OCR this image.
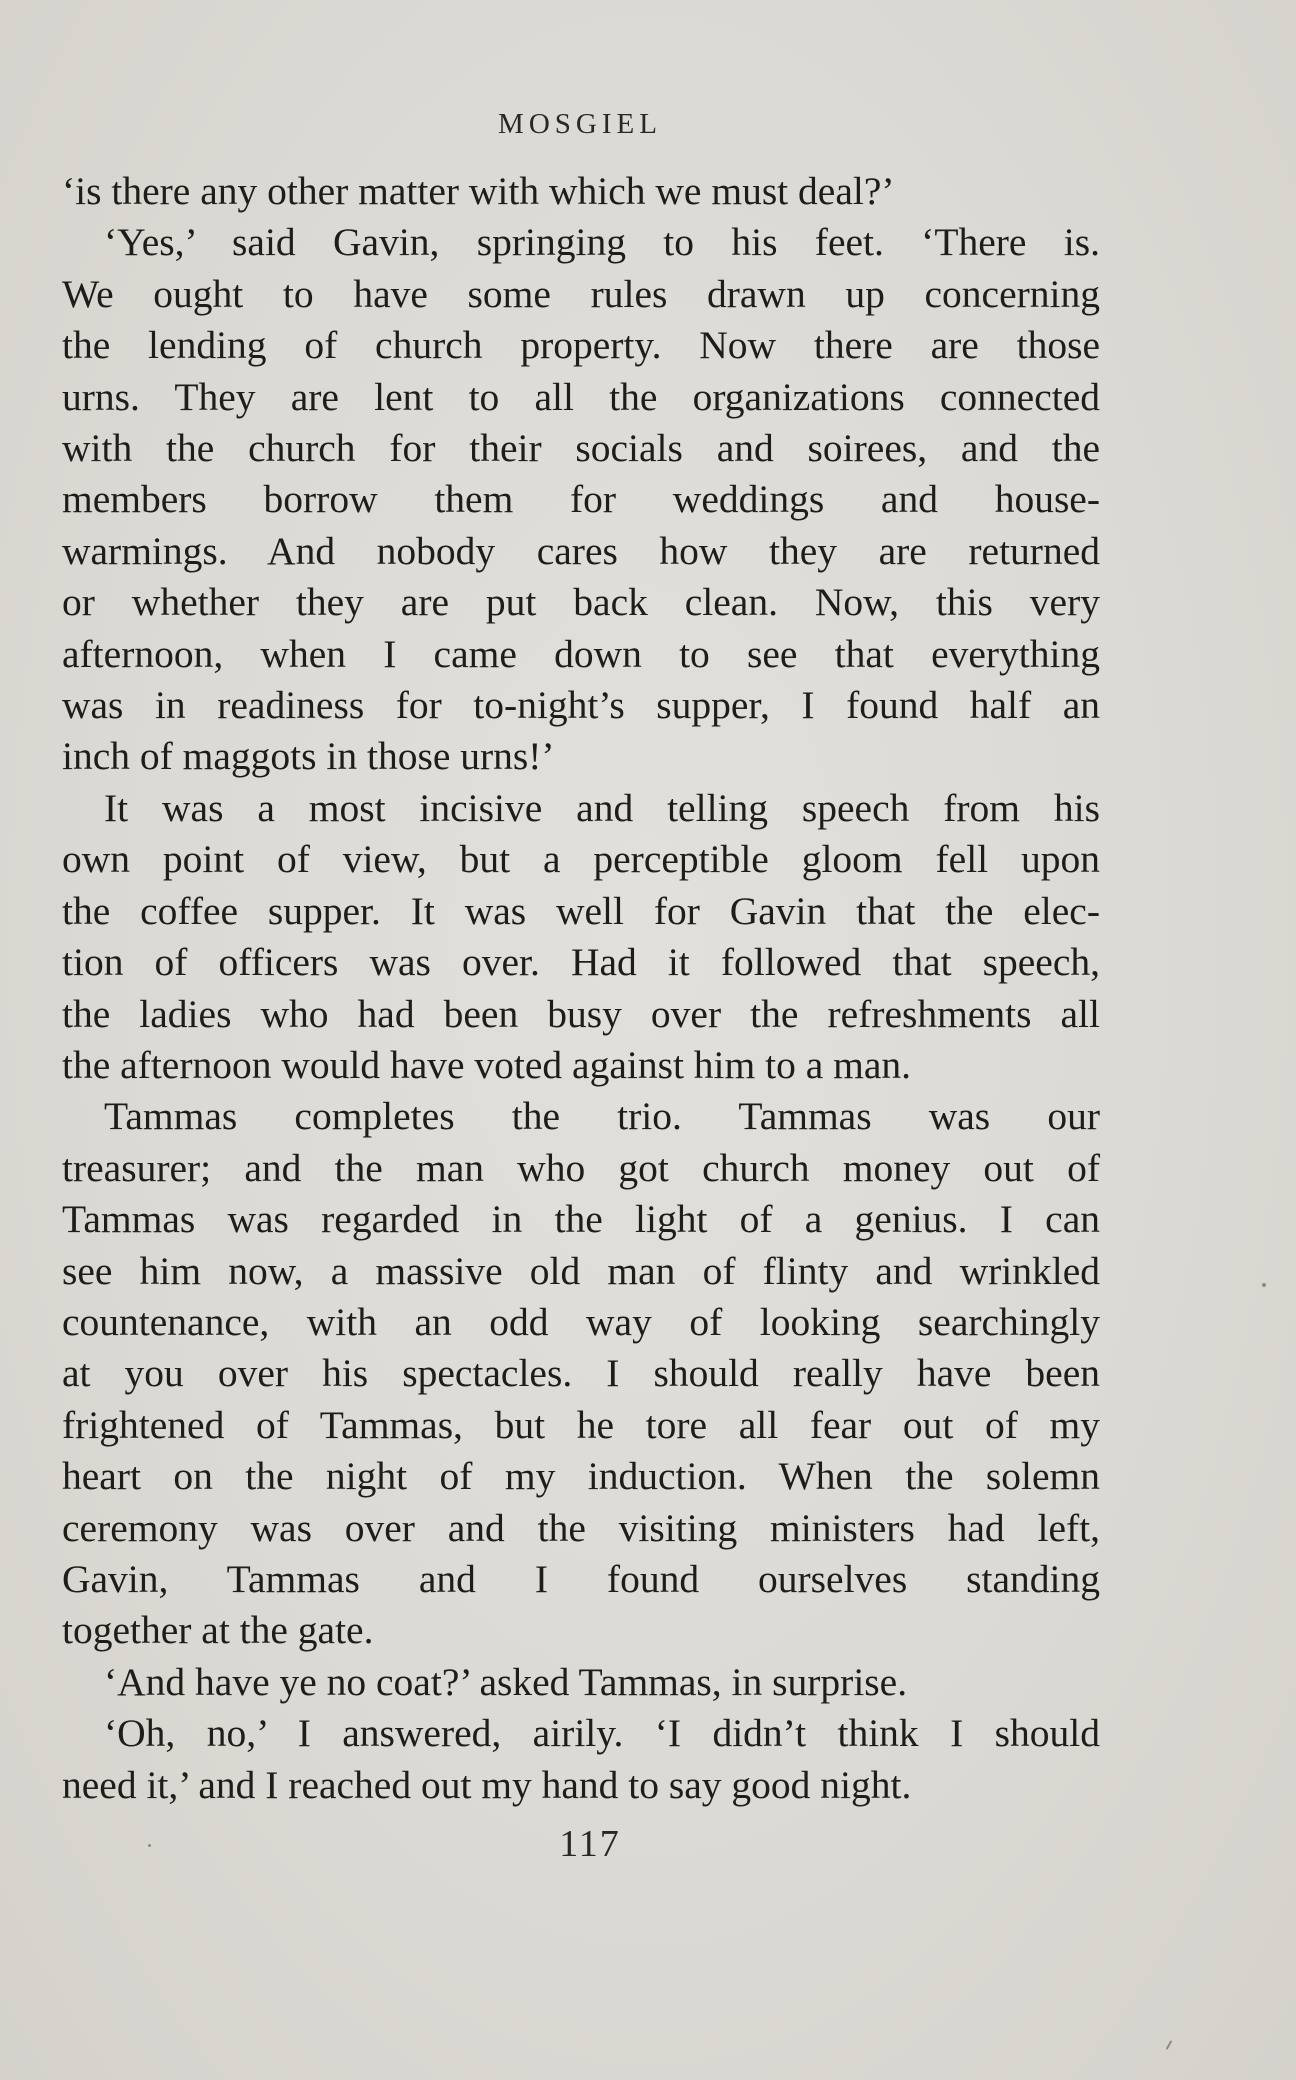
MOSGIEL

‘is there any other matter with which we must deal?’

‘Yes,’ said Gavin, springing to his feet. ‘There is.
We ought to have some rules drawn up concerning
the lending of church property. Now there are those
urns. They are lent to all the organizations connected
with the church for their socials and soirees, and the
members borrow them for weddings and house-
warmings. And nobody cares how they are returned
or whether they are put back clean. Now, this very
afternoon, when I came down to see that everything
was in readiness for to-night’s supper, I found half an
inch of maggots in those urns!’

It was a most incisive and telling speech from his
own point of view, but a perceptible gloom fell upon
the coffee supper. It was well for Gavin that the elec-
tion of officers was over. Had it followed that speech,
the ladies who had been busy over the refreshments all
the afternoon would have voted against him to a man.

Tammas completes the trio. Tammas was our
treasurer; and the man who got church money out of
Tammas was regarded in the light of a genius. I can
see him now, a massive old man of flinty and wrinkled
countenance, with an odd way of looking searchingly
at you over his spectacles. I should really have been
frightened of Tammas, but he tore all fear out of my
heart on the night of my induction. When the solemn
ceremony was over and the visiting ministers had left,
Gavin, Tammas and I found ourselves standing
together at the gate.

‘And have ye no coat?’ asked Tammas, in surprise.

‘Oh, no,’ I answered, airily. ‘I didn’t think I should
need it,’ and I reached out my hand to say good night.

117
